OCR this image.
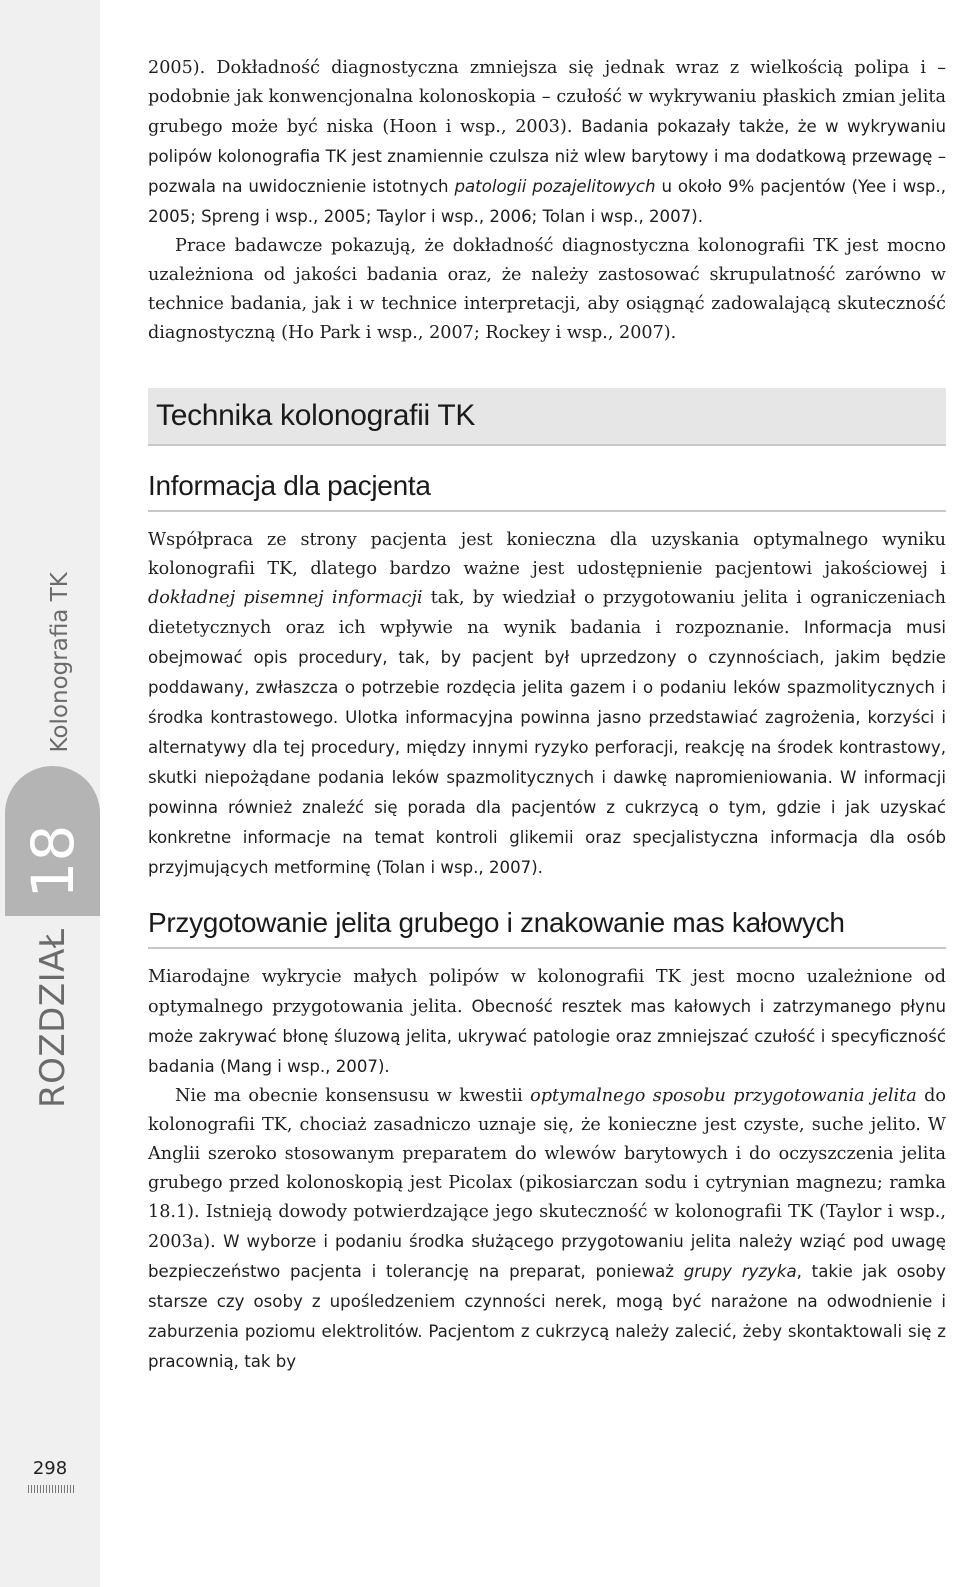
ROZDZIAŁ
18
Kolonografia TK
298

2005). Dokładność diagnostyczna zmniejsza się jednak wraz z wielkością polipa i – podobnie jak konwencjonalna kolonoskopia – czułość w wykrywaniu płaskich zmian jelita grubego może być niska (Hoon i wsp., 2003). Badania pokazały także, że w wykrywaniu polipów kolonografia TK jest znamiennie czulsza niż wlew barytowy i ma dodatkową przewagę – pozwala na uwidocznienie istotnych patologii pozajelitowych u około 9% pacjentów (Yee i wsp., 2005; Spreng i wsp., 2005; Taylor i wsp., 2006; Tolan i wsp., 2007).

Prace badawcze pokazują, że dokładność diagnostyczna kolonografii TK jest mocno uzależniona od jakości badania oraz, że należy zastosować skrupulatność zarówno w technice badania, jak i w technice interpretacji, aby osiągnąć zadowalającą skuteczność diagnostyczną (Ho Park i wsp., 2007; Rockey i wsp., 2007).

Technika kolonografii TK
Informacja dla pacjenta

Współpraca ze strony pacjenta jest konieczna dla uzyskania optymalnego wyniku kolonografii TK, dlatego bardzo ważne jest udostępnienie pacjentowi jakościowej i dokładnej pisemnej informacji tak, by wiedział o przygotowaniu jelita i ograniczeniach dietetycznych oraz ich wpływie na wynik badania i rozpoznanie. Informacja musi obejmować opis procedury, tak, by pacjent był uprzedzony o czynnościach, jakim będzie poddawany, zwłaszcza o potrzebie rozdęcia jelita gazem i o podaniu leków spazmolitycznych i środka kontrastowego. Ulotka informacyjna powinna jasno przedstawiać zagrożenia, korzyści i alternatywy dla tej procedury, między innymi ryzyko perforacji, reakcję na środek kontrastowy, skutki niepożądane podania leków spazmolitycznych i dawkę napromieniowania. W informacji powinna również znaleźć się porada dla pacjentów z cukrzycą o tym, gdzie i jak uzyskać konkretne informacje na temat kontroli glikemii oraz specjalistyczna informacja dla osób przyjmujących metforminę (Tolan i wsp., 2007).

Przygotowanie jelita grubego i znakowanie mas kałowych

Miarodajne wykrycie małych polipów w kolonografii TK jest mocno uzależnione od optymalnego przygotowania jelita. Obecność resztek mas kałowych i zatrzymanego płynu może zakrywać błonę śluzową jelita, ukrywać patologie oraz zmniejszać czułość i specyficzność badania (Mang i wsp., 2007).

Nie ma obecnie konsensusu w kwestii optymalnego sposobu przygotowania jelita do kolonografii TK, chociaż zasadniczo uznaje się, że konieczne jest czyste, suche jelito. W Anglii szeroko stosowanym preparatem do wlewów barytowych i do oczyszczenia jelita grubego przed kolonoskopią jest Picolax (pikosiarczan sodu i cytrynian magnezu; ramka 18.1). Istnieją dowody potwierdzające jego skuteczność w kolonografii TK (Taylor i wsp., 2003a). W wyborze i podaniu środka służącego przygotowaniu jelita należy wziąć pod uwagę bezpieczeństwo pacjenta i tolerancję na preparat, ponieważ grupy ryzyka, takie jak osoby starsze czy osoby z upośledzeniem czynności nerek, mogą być narażone na odwodnienie i zaburzenia poziomu elektrolitów. Pacjentom z cukrzycą należy zalecić, żeby skontaktowali się z pracownią, tak by
